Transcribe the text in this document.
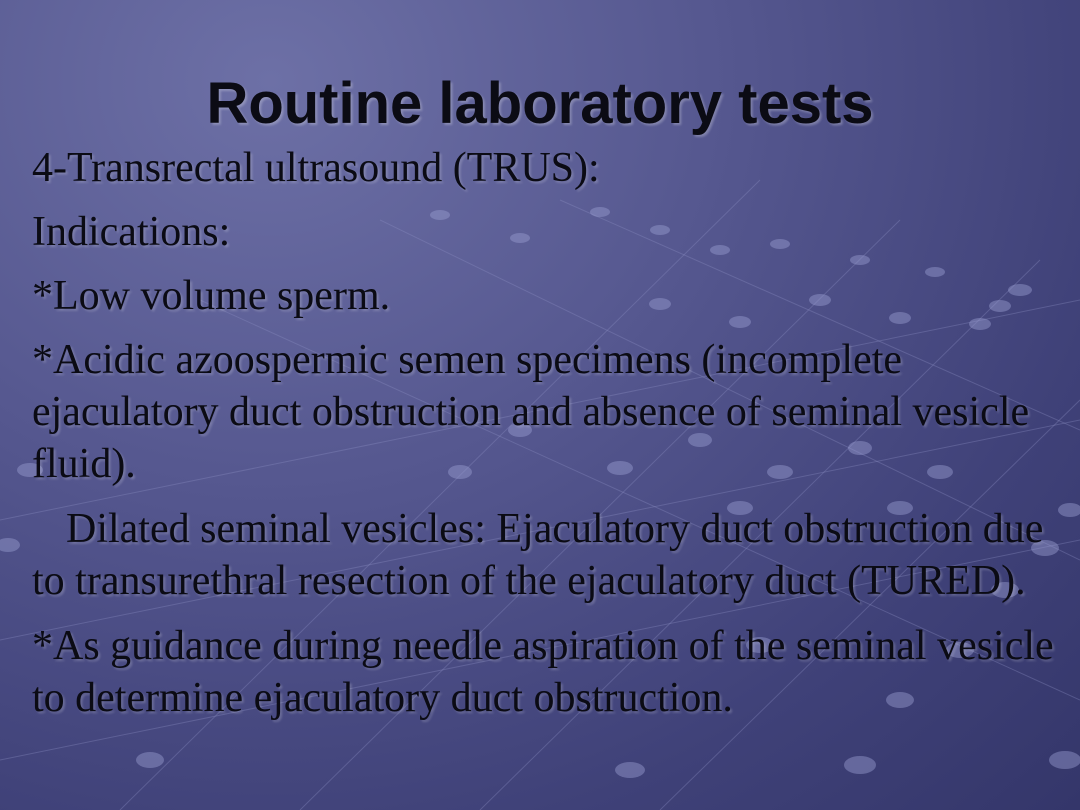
Routine laboratory tests

4-Transrectal ultrasound (TRUS):

Indications:

*Low volume sperm.

*Acidic azoospermic semen specimens (incomplete ejaculatory duct obstruction and absence of seminal vesicle fluid).

Dilated seminal vesicles: Ejaculatory duct obstruction due to transurethral resection of the ejaculatory duct (TURED).

*As guidance during needle aspiration of the seminal vesicle to determine ejaculatory duct obstruction.
